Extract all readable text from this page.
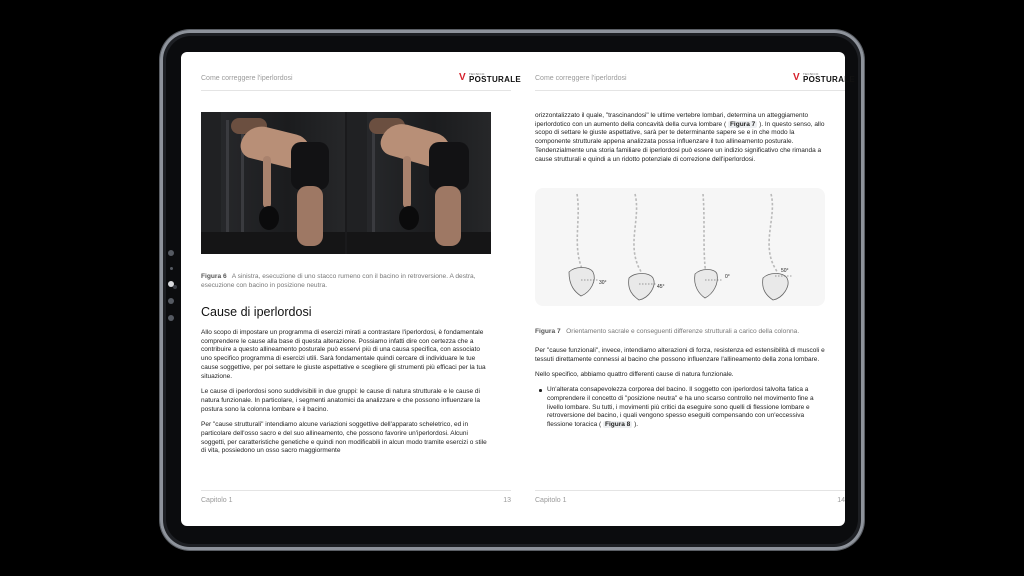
Come correggere l'iperlordosi	V TECNICO
POSTURALE
Figura 6 A sinistra, esecuzione di uno stacco rumeno con il bacino in retroversione. A destra, esecuzione con bacino in posizione neutra.
Cause di iperlordosi

Allo scopo di impostare un programma di esercizi mirati a contrastare l'iperlordosi, è fondamentale comprendere le cause alla base di questa alterazione. Possiamo infatti dire con certezza che a contribuire a questo allineamento posturale può esservi più di una causa specifica, con associato uno specifico programma di esercizi utili. Sarà fondamentale quindi cercare di individuare le tue cause soggettive, per poi settare le giuste aspettative e scegliere gli strumenti più efficaci per la tua situazione.

Le cause di iperlordosi sono suddivisibili in due gruppi: le cause di natura strutturale e le cause di natura funzionale. In particolare, i segmenti anatomici da analizzare e che possono influenzare la postura sono la colonna lombare e il bacino.

Per "cause strutturali" intendiamo alcune variazioni soggettive dell'apparato scheletrico, ed in particolare dell'osso sacro e del suo allineamento, che possono favorire un'iperlordosi. Alcuni soggetti, per caratteristiche genetiche e quindi non modificabili in alcun modo tramite esercizi o stile di vita, possiedono un osso sacro maggiormente

Capitolo 1	13
Come correggere l'iperlordosi	V TECNICO
POSTURALE

orizzontalizzato il quale, "trascinandosi" le ultime vertebre lombari, determina un atteggiamento iperlordotico con un aumento della concavità della curva lombare ( Figura 7 ). In questo senso, allo scopo di settare le giuste aspettative, sarà per te determinante sapere se e in che modo la componente strutturale appena analizzata possa influenzare il tuo allineamento posturale. Tendenzialmente una storia familiare di iperlordosi può essere un indizio significativo che rimanda a cause strutturali e quindi a un ridotto potenziale di correzione dell'iperlordosi.

30°
45°
0°
50°
Figura 7 Orientamento sacrale e conseguenti differenze strutturali a carico della colonna.

Per "cause funzionali", invece, intendiamo alterazioni di forza, resistenza ed estensibilità di muscoli e tessuti direttamente connessi al bacino che possono influenzare l'allineamento della zona lombare.

Nello specifico, abbiamo quattro differenti cause di natura funzionale.

Un'alterata consapevolezza corporea del bacino. Il soggetto con iperlordosi talvolta fatica a comprendere il concetto di "posizione neutra" e ha uno scarso controllo nel movimento fine a livello lombare. Su tutti, i movimenti più critici da eseguire sono quelli di flessione lombare e retroversione del bacino, i quali vengono spesso eseguiti compensando con un'eccessiva flessione toracica ( Figura 8 ).

Capitolo 1	14
